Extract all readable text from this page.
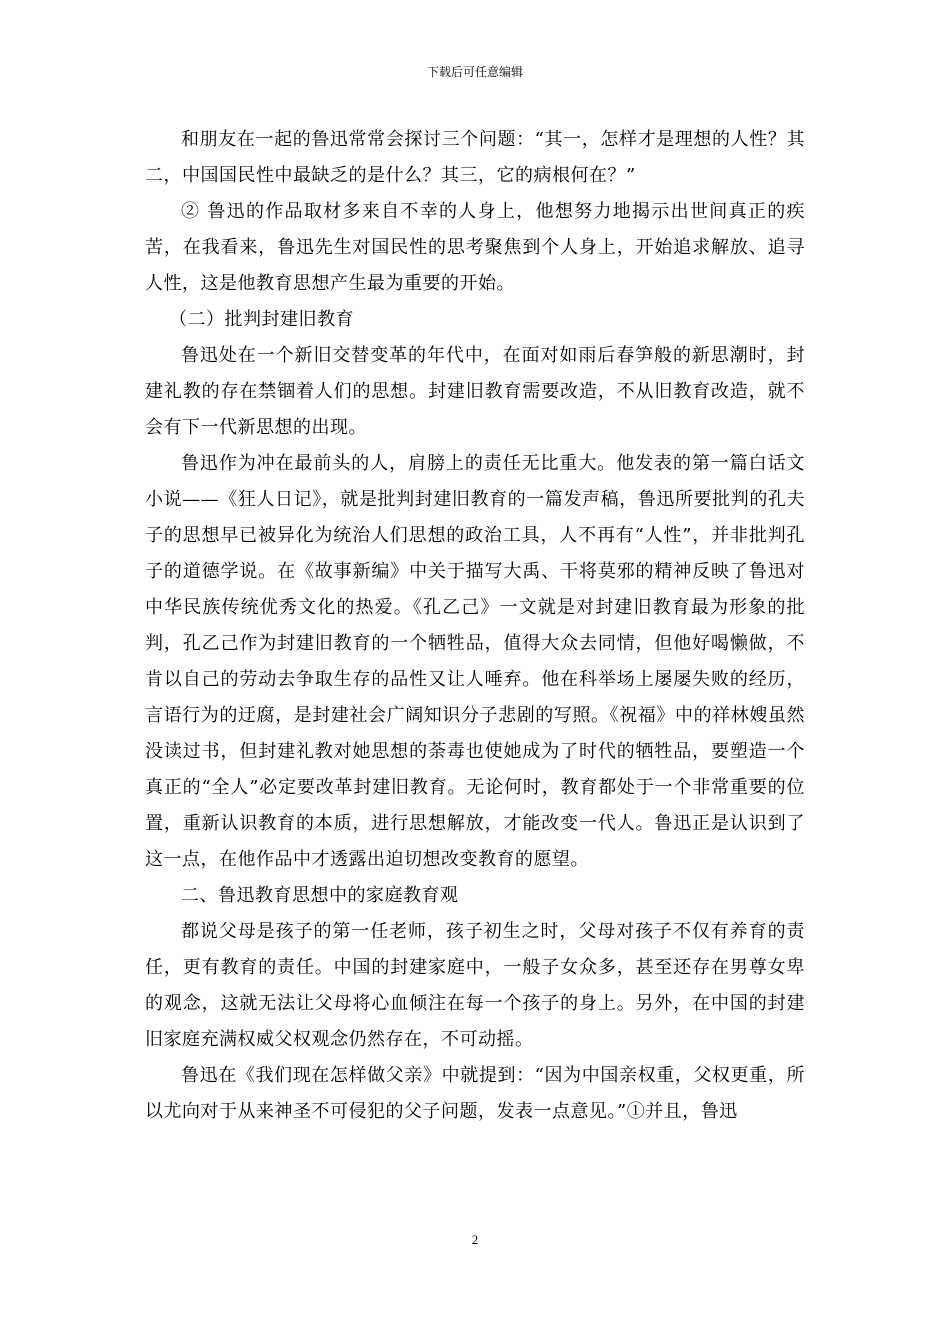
下载后可任意编辑

和朋友在一起的鲁迅常常会探讨三个问题：“其一，怎样才是理想的人性？其二，中国国民性中最缺乏的是什么？其三，它的病根何在？”

② 鲁迅的作品取材多来自不幸的人身上，他想努力地揭示出世间真正的疾苦，在我看来，鲁迅先生对国民性的思考聚焦到个人身上，开始追求解放、追寻人性，这是他教育思想产生最为重要的开始。

（二）批判封建旧教育

鲁迅处在一个新旧交替变革的年代中，在面对如雨后春笋般的新思潮时，封建礼教的存在禁锢着人们的思想。封建旧教育需要改造，不从旧教育改造，就不会有下一代新思想的出现。

鲁迅作为冲在最前头的人，肩膀上的责任无比重大。他发表的第一篇白话文小说——《狂人日记》，就是批判封建旧教育的一篇发声稿，鲁迅所要批判的孔夫子的思想早已被异化为统治人们思想的政治工具，人不再有“人性”，并非批判孔子的道德学说。在《故事新编》中关于描写大禹、干将莫邪的精神反映了鲁迅对中华民族传统优秀文化的热爱。《孔乙己》一文就是对封建旧教育最为形象的批判，孔乙己作为封建旧教育的一个牺牲品，值得大众去同情，但他好喝懒做，不肯以自己的劳动去争取生存的品性又让人唾弃。他在科举场上屡屡失败的经历，言语行为的迂腐，是封建社会广阔知识分子悲剧的写照。《祝福》中的祥林嫂虽然没读过书，但封建礼教对她思想的荼毒也使她成为了时代的牺牲品，要塑造一个真正的“全人”必定要改革封建旧教育。无论何时，教育都处于一个非常重要的位置，重新认识教育的本质，进行思想解放，才能改变一代人。鲁迅正是认识到了这一点，在他作品中才透露出迫切想改变教育的愿望。

二、鲁迅教育思想中的家庭教育观

都说父母是孩子的第一任老师，孩子初生之时，父母对孩子不仅有养育的责任，更有教育的责任。中国的封建家庭中，一般子女众多，甚至还存在男尊女卑的观念，这就无法让父母将心血倾注在每一个孩子的身上。另外，在中国的封建旧家庭充满权威父权观念仍然存在，不可动摇。

鲁迅在《我们现在怎样做父亲》中就提到：“因为中国亲权重，父权更重，所以尤向对于从来神圣不可侵犯的父子问题，发表一点意见。”①并且，鲁迅

2
